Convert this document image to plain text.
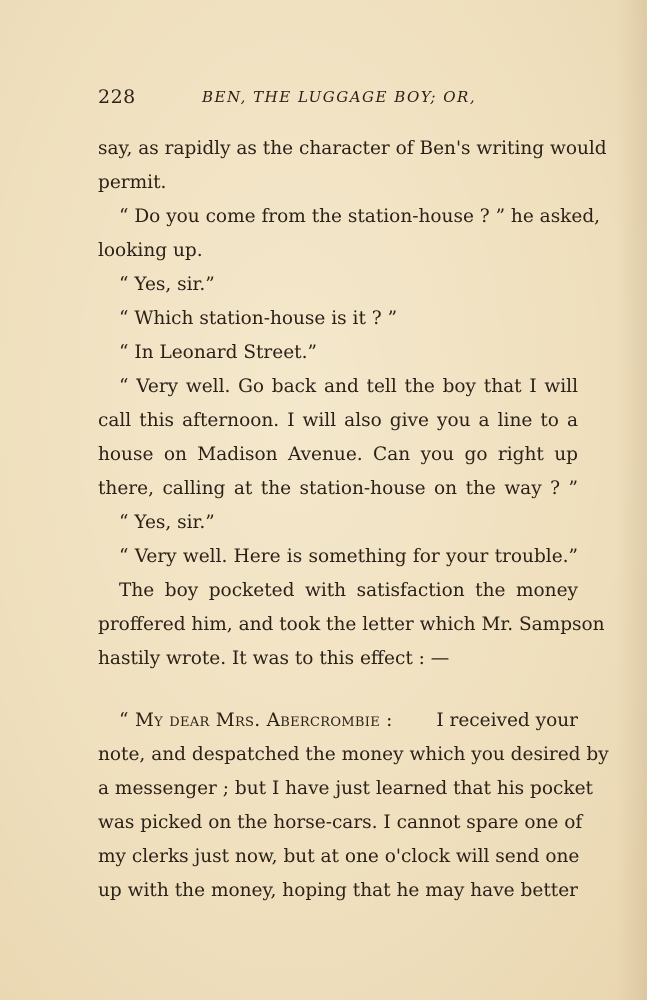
228	BEN, THE LUGGAGE BOY; OR,
say, as rapidly as the character of Ben's writing would
permit.
“ Do you come from the station-house ? ” he asked,
looking up.
“ Yes, sir.”
“ Which station-house is it ? ”
“ In Leonard Street.”
“ Very well. Go back and tell the boy that I will
call this afternoon. I will also give you a line to a
house on Madison Avenue. Can you go right up
there, calling at the station-house on the way ? ”
“ Yes, sir.”
“ Very well. Here is something for your trouble.”
The boy pocketed with satisfaction the money
proffered him, and took the letter which Mr. Sampson
hastily wrote. It was to this effect : —
“ My dear Mrs. Abercrombie : I received your
note, and despatched the money which you desired by
a messenger ; but I have just learned that his pocket
was picked on the horse-cars. I cannot spare one of
my clerks just now, but at one o'clock will send one
up with the money, hoping that he may have better
